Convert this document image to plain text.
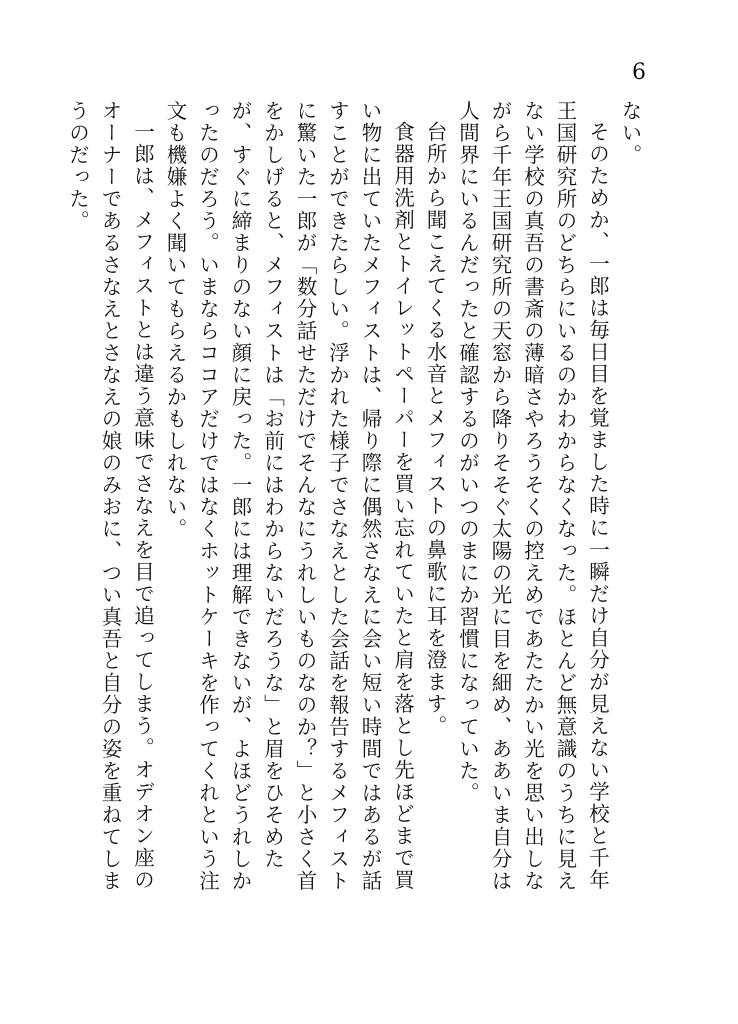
6

ない。

そのためか、一郎は毎日目を覚ました時に一瞬だけ自分が見えない学校と千年王国研究所のどちらにいるのかわからなくなった。ほとんど無意識のうちに見えない学校の真吾の書斎の薄暗さやろうそくの控えめであたたかい光を思い出しながら千年王国研究所の天窓から降りそそぐ太陽の光に目を細め、ああいま自分は人間界にいるんだったと確認するのがいつのまにか習慣になっていた。

台所から聞こえてくる水音とメフィストの鼻歌に耳を澄ます。

食器用洗剤とトイレットペーパーを買い忘れていたと肩を落とし先ほどまで買い物に出ていたメフィストは、帰り際に偶然さなえに会い短い時間ではあるが話すことができたらしい。浮かれた様子でさなえとした会話を報告するメフィストに驚いた一郎が「数分話せただけでそんなにうれしいものなのか？」と小さく首をかしげると、メフィストは「お前にはわからないだろうな」と眉をひそめたが、すぐに締まりのない顔に戻った。一郎には理解できないが、よほどうれしかったのだろう。いまならココアだけではなくホットケーキを作ってくれという注文も機嫌よく聞いてもらえるかもしれない。

一郎は、メフィストとは違う意味でさなえを目で追ってしまう。オデオン座のオーナーであるさなえとさなえの娘のみおに、つい真吾と自分の姿を重ねてしまうのだった。
